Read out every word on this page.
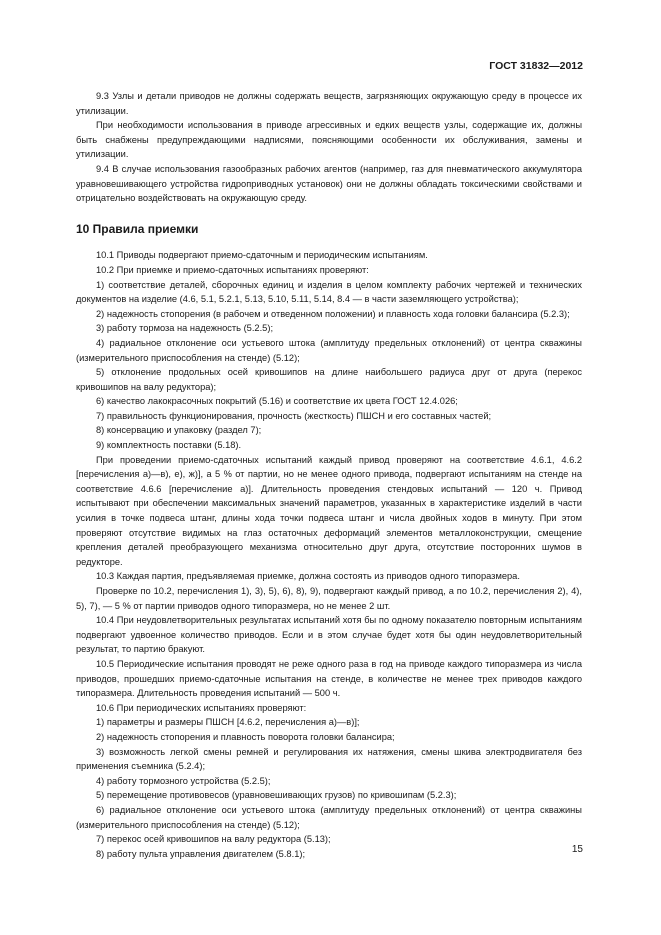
ГОСТ 31832—2012

9.3 Узлы и детали приводов не должны содержать веществ, загрязняющих окружающую среду в процессе их утилизации.

При необходимости использования в приводе агрессивных и едких веществ узлы, содержащие их, должны быть снабжены предупреждающими надписями, поясняющими особенности их обслуживания, замены и утилизации.

9.4 В случае использования газообразных рабочих агентов (например, газ для пневматического аккумулятора уравновешивающего устройства гидроприводных установок) они не должны обладать токсическими свойствами и отрицательно воздействовать на окружающую среду.

10 Правила приемки

10.1 Приводы подвергают приемо-сдаточным и периодическим испытаниям.

10.2 При приемке и приемо-сдаточных испытаниях проверяют:

1) соответствие деталей, сборочных единиц и изделия в целом комплекту рабочих чертежей и технических документов на изделие (4.6, 5.1, 5.2.1, 5.13, 5.10, 5.11, 5.14, 8.4 — в части заземляющего устройства);

2) надежность стопорения (в рабочем и отведенном положении) и плавность хода головки балансира (5.2.3);

3) работу тормоза на надежность (5.2.5);

4) радиальное отклонение оси устьевого штока (амплитуду предельных отклонений) от центра скважины (измерительного приспособления на стенде) (5.12);

5) отклонение продольных осей кривошипов на длине наибольшего радиуса друг от друга (перекос кривошипов на валу редуктора);

6) качество лакокрасочных покрытий (5.16) и соответствие их цвета ГОСТ 12.4.026;

7) правильность функционирования, прочность (жесткость) ПШСН и его составных частей;

8) консервацию и упаковку (раздел 7);

9) комплектность поставки (5.18).

При проведении приемо-сдаточных испытаний каждый привод проверяют на соответствие 4.6.1, 4.6.2 [перечисления а)—в), е), ж)], а 5 % от партии, но не менее одного привода, подвергают испытаниям на стенде на соответствие 4.6.6 [перечисление а)]. Длительность проведения стендовых испытаний — 120 ч. Привод испытывают при обеспечении максимальных значений параметров, указанных в характеристике изделий в части усилия в точке подвеса штанг, длины хода точки подвеса штанг и числа двойных ходов в минуту. При этом проверяют отсутствие видимых на глаз остаточных деформаций элементов металлоконструкции, смещение крепления деталей преобразующего механизма относительно друг друга, отсутствие посторонних шумов в редукторе.

10.3 Каждая партия, предъявляемая приемке, должна состоять из приводов одного типоразмера.

Проверке по 10.2, перечисления 1), 3), 5), 6), 8), 9), подвергают каждый привод, а по 10.2, перечисления 2), 4), 5), 7), — 5 % от партии приводов одного типоразмера, но не менее 2 шт.

10.4 При неудовлетворительных результатах испытаний хотя бы по одному показателю повторным испытаниям подвергают удвоенное количество приводов. Если и в этом случае будет хотя бы один неудовлетворительный результат, то партию бракуют.

10.5 Периодические испытания проводят не реже одного раза в год на приводе каждого типоразмера из числа приводов, прошедших приемо-сдаточные испытания на стенде, в количестве не менее трех приводов каждого типоразмера. Длительность проведения испытаний — 500 ч.

10.6 При периодических испытаниях проверяют:

1) параметры и размеры ПШСН [4.6.2, перечисления а)—в)];

2) надежность стопорения и плавность поворота головки балансира;

3) возможность легкой смены ремней и регулирования их натяжения, смены шкива электродвигателя без применения съемника (5.2.4);

4) работу тормозного устройства (5.2.5);

5) перемещение противовесов (уравновешивающих грузов) по кривошипам (5.2.3);

6) радиальное отклонение оси устьевого штока (амплитуду предельных отклонений) от центра скважины (измерительного приспособления на стенде) (5.12);

7) перекос осей кривошипов на валу редуктора (5.13);

8) работу пульта управления двигателем (5.8.1);	15
